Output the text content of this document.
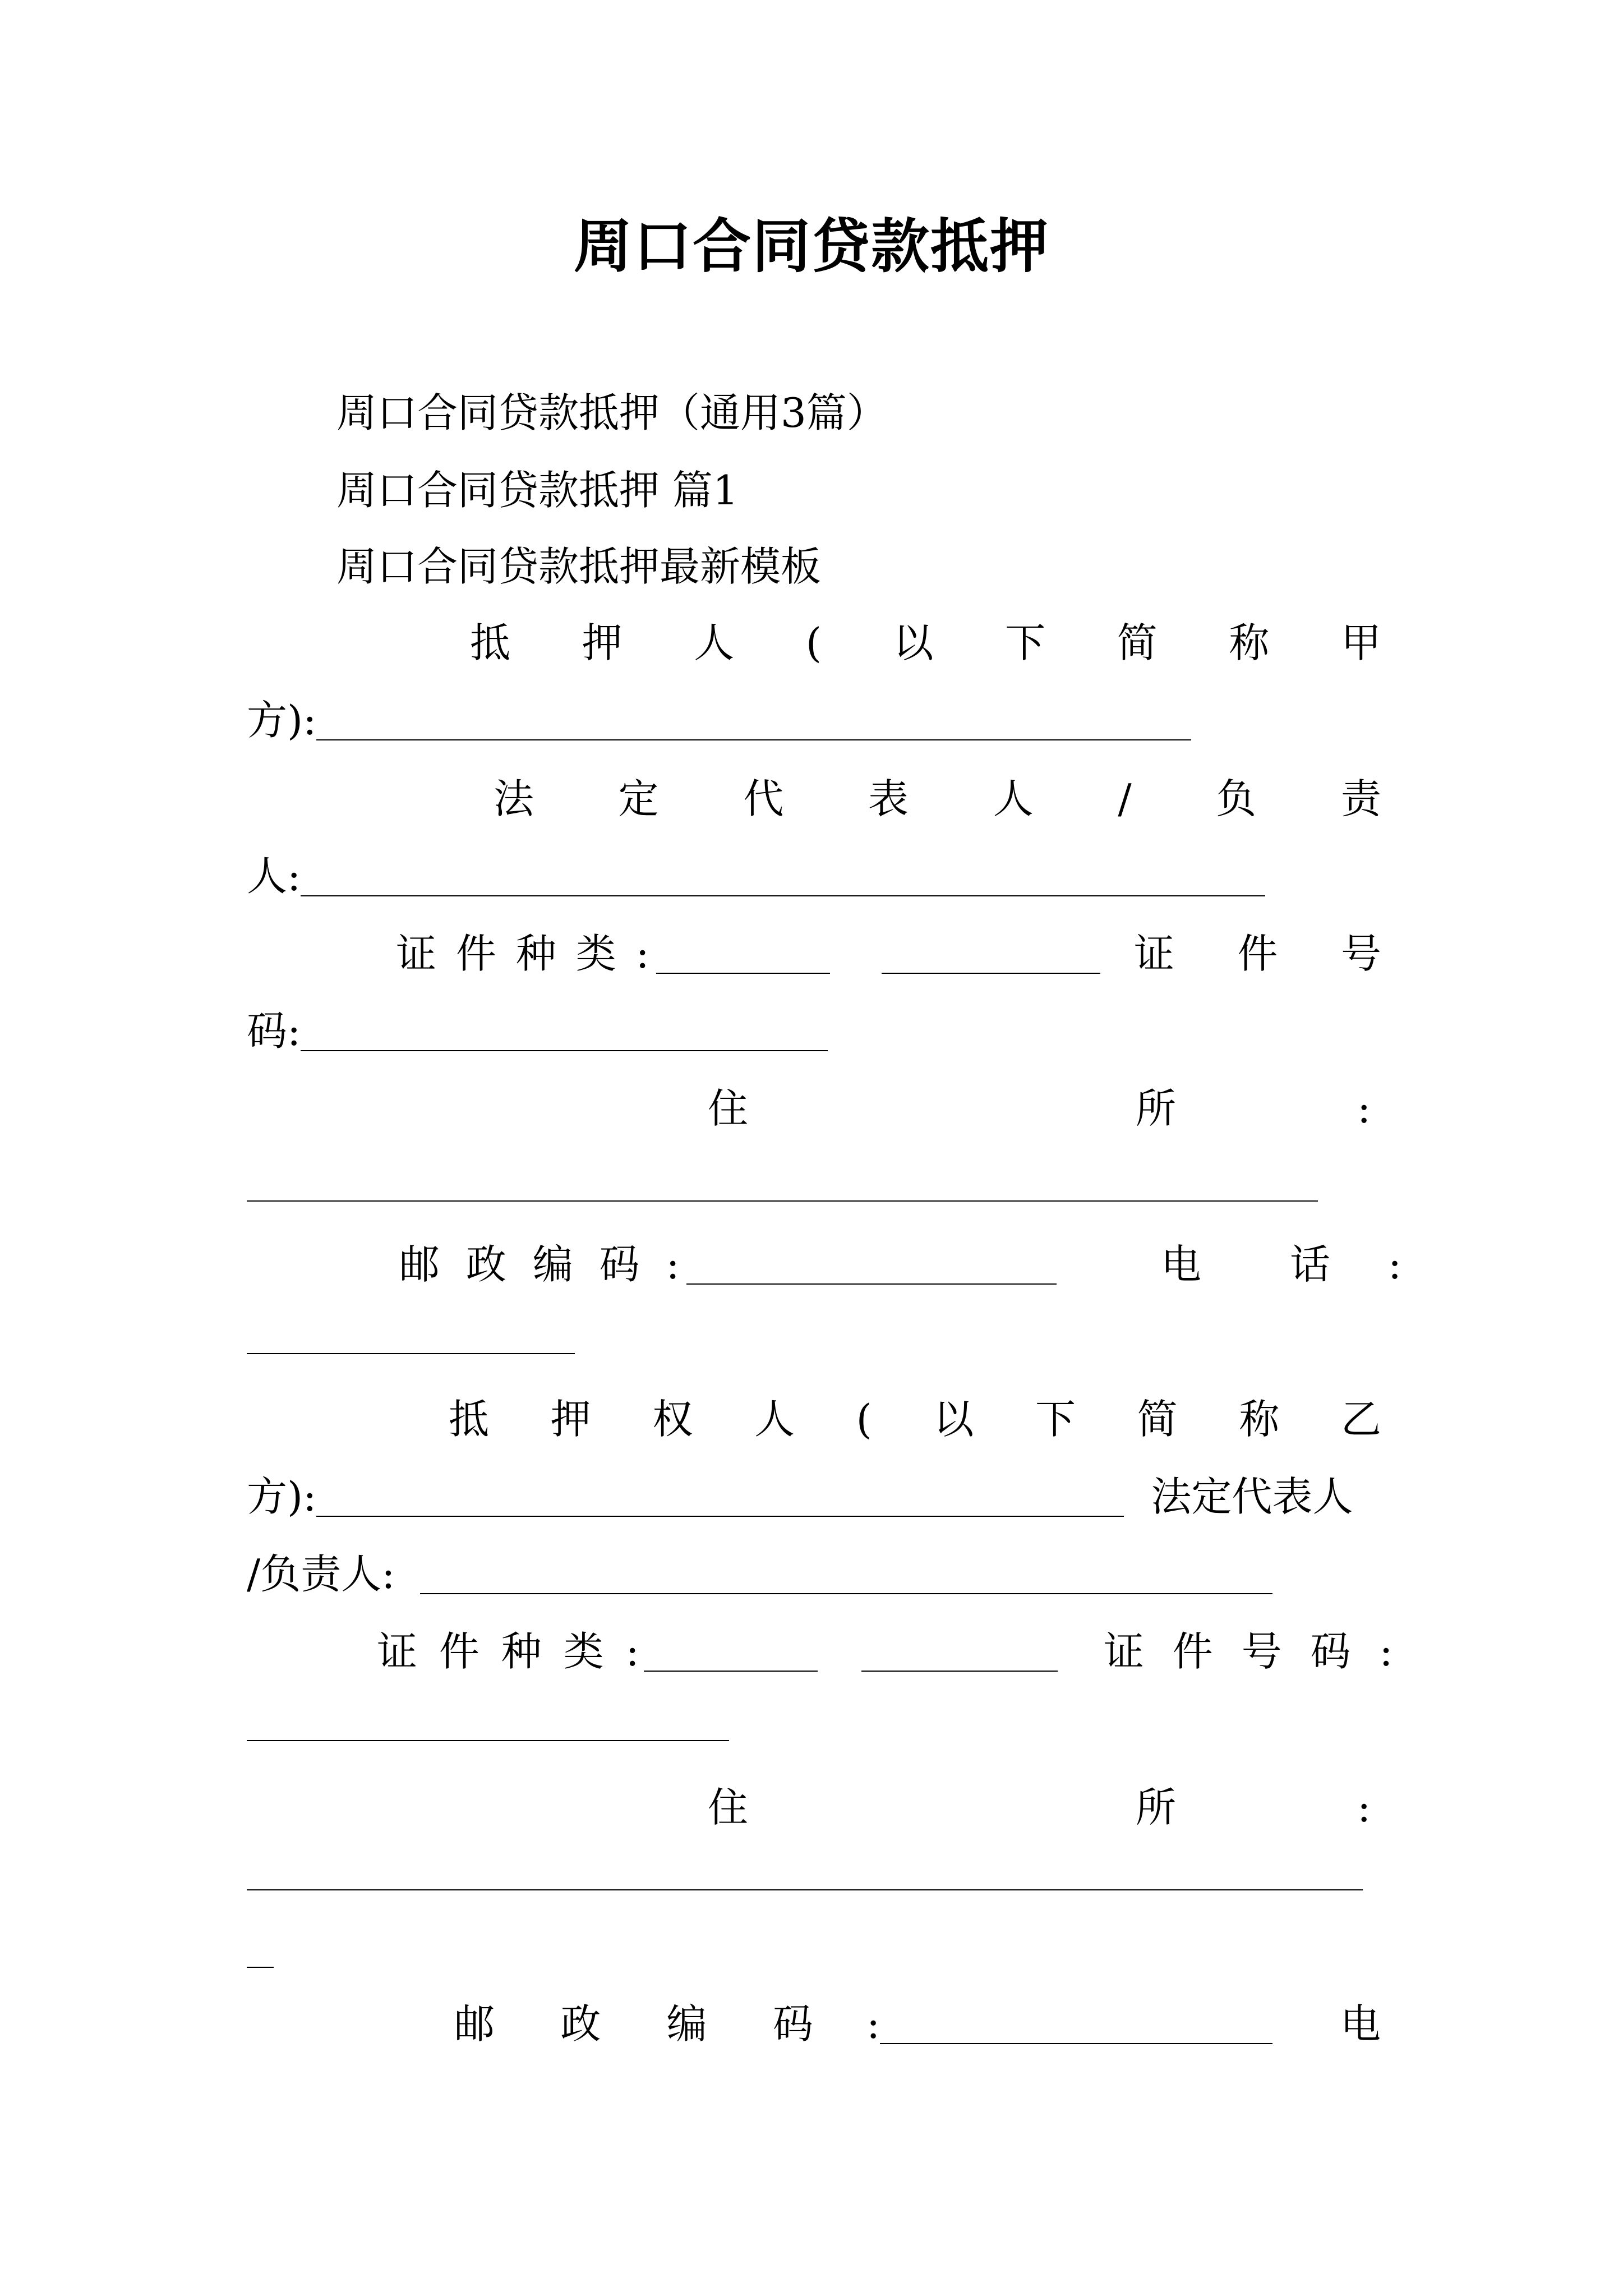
周口合同贷款抵押
周口合同贷款抵押（通用3篇）
周口合同贷款抵押 篇1
周口合同贷款抵押最新模板
抵 押 人 ( 以 下 简 称 甲
方):
法 定 代 表 人 / 负 责
人:
证 件 种 类 :	证 件 号
码:
住	所	:
邮 政 编 码 :	电 话 :
抵 押 权 人 ( 以 下 简 称 乙
方):	法定代表人
/负责人:
证 件 种 类 :	证 件 号 码 :
住	所	:
邮 政 编 码 :	电
